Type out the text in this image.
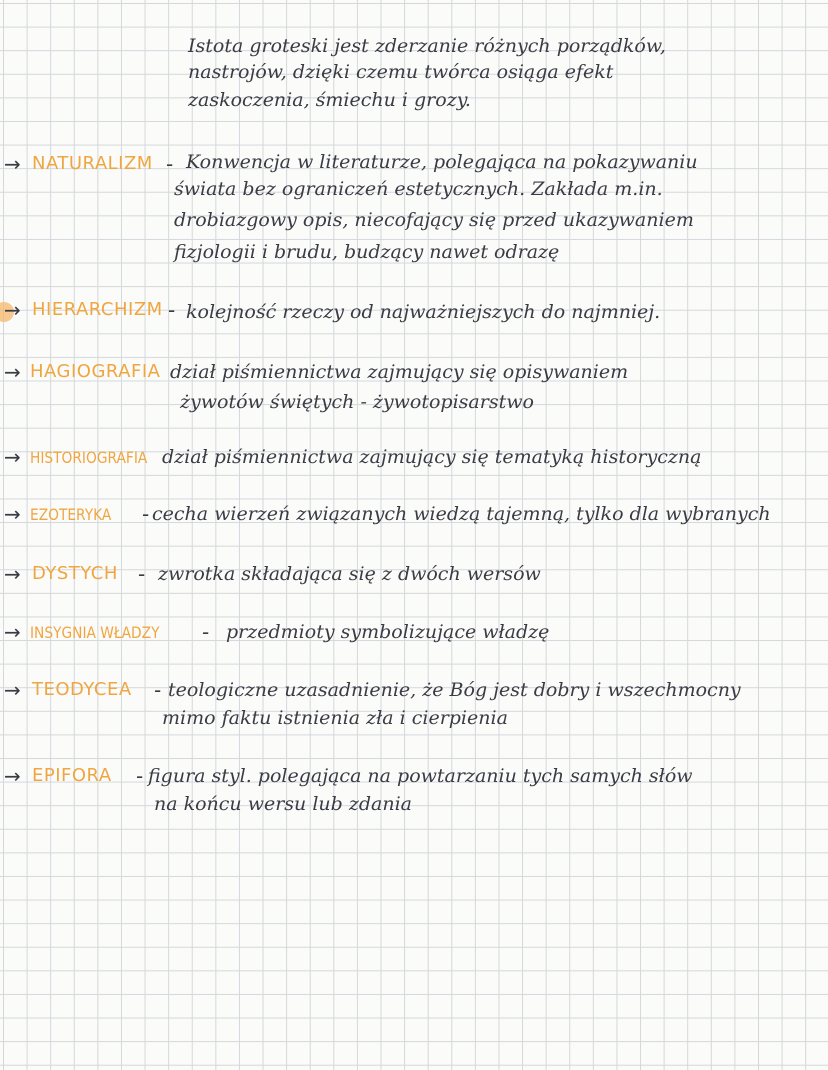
Istota groteski jest zderzanie różnych porządków,
nastrojów, dzięki czemu twórca osiąga efekt
zaskoczenia, śmiechu i grozy.
→ NATURALIZM - Konwencja w literaturze, polegająca na pokazywaniu
świata bez ograniczeń estetycznych. Zakłada m.in.
drobiazgowy opis, niecofający się przed ukazywaniem
fizjologii i brudu, budzący nawet odrazę
→ HIERARCHIZM - kolejność rzeczy od najważniejszych do najmniej.
→ HAGIOGRAFIA dział piśmiennictwa zajmujący się opisywaniem
żywotów świętych - żywotopisarstwo
→ HISTORIOGRAFIA dział piśmiennictwa zajmujący się tematyką historyczną
→ EZOTERYKA - cecha wierzeń związanych wiedzą tajemną, tylko dla wybranych
→ DYSTYCH - zwrotka składająca się z dwóch wersów
→ INSYGNIA WŁADZY - przedmioty symbolizujące władzę
→ TEODYCEA - teologiczne uzasadnienie, że Bóg jest dobry i wszechmocny
mimo faktu istnienia zła i cierpienia
→ EPIFORA - figura styl. polegająca na powtarzaniu tych samych słów
na końcu wersu lub zdania
